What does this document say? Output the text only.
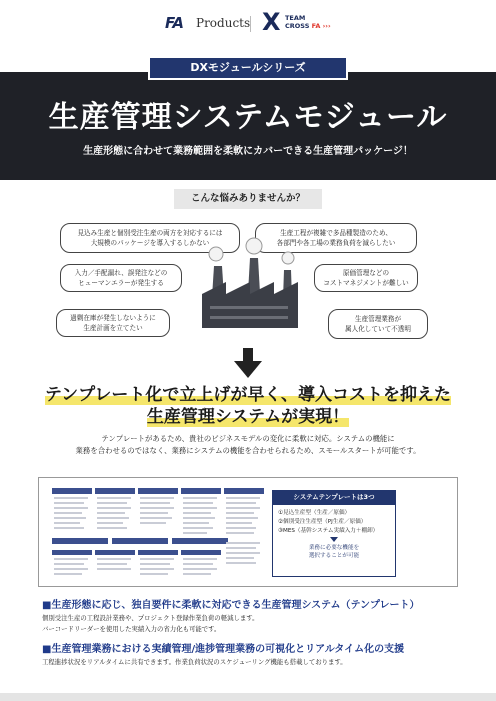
FA Products X TEAM
CROSS FA ›››
DXモジュールシリーズ
生産管理システムモジュール
生産形態に合わせて業務範囲を柔軟にカバーできる生産管理パッケージ！
こんな悩みありませんか？
見込み生産と個別受注生産の両方を対応するには
大規模のパッケージを導入するしかない
生産工程が複雑で多品種製造のため、
各部門や各工場の業務負荷を減らしたい
入力／手配漏れ、誤発注などの
ヒューマンエラーが発生する
原価管理などの
コストマネジメントが難しい
過剰在庫が発生しないように
生産計画を立てたい
生産管理業務が
属人化していて不透明
テンプレート化で立上げが早く、導入コストを抑えた
生産管理システムが実現！
テンプレートがあるため、貴社のビジネスモデルの変化に柔軟に対応。システムの機能に
業務を合わせるのではなく、業務にシステムの機能を合わせられるため、スモールスタートが可能です。
システムテンプレートは3つ
①見込生産型（生産／原価）
②個別受注生産型（PJ生産／原価）
③MES（基幹システム実績入力＋棚卸）
業務に必要な機能を
選択することが可能
■生産形態に応じ、独自要件に柔軟に対応できる生産管理システム（テンプレート）
個別受注生産の工程設計業務や、プロジェクト登録作業負荷の軽減します。
バーコードリーダーを使用した実績入力の省力化も可能です。
■生産管理業務における実績管理/進捗管理業務の可視化とリアルタイム化の支援
工程進捗状況をリアルタイムに共有できます。作業負荷状況のスケジューリング機能も搭載しております。
